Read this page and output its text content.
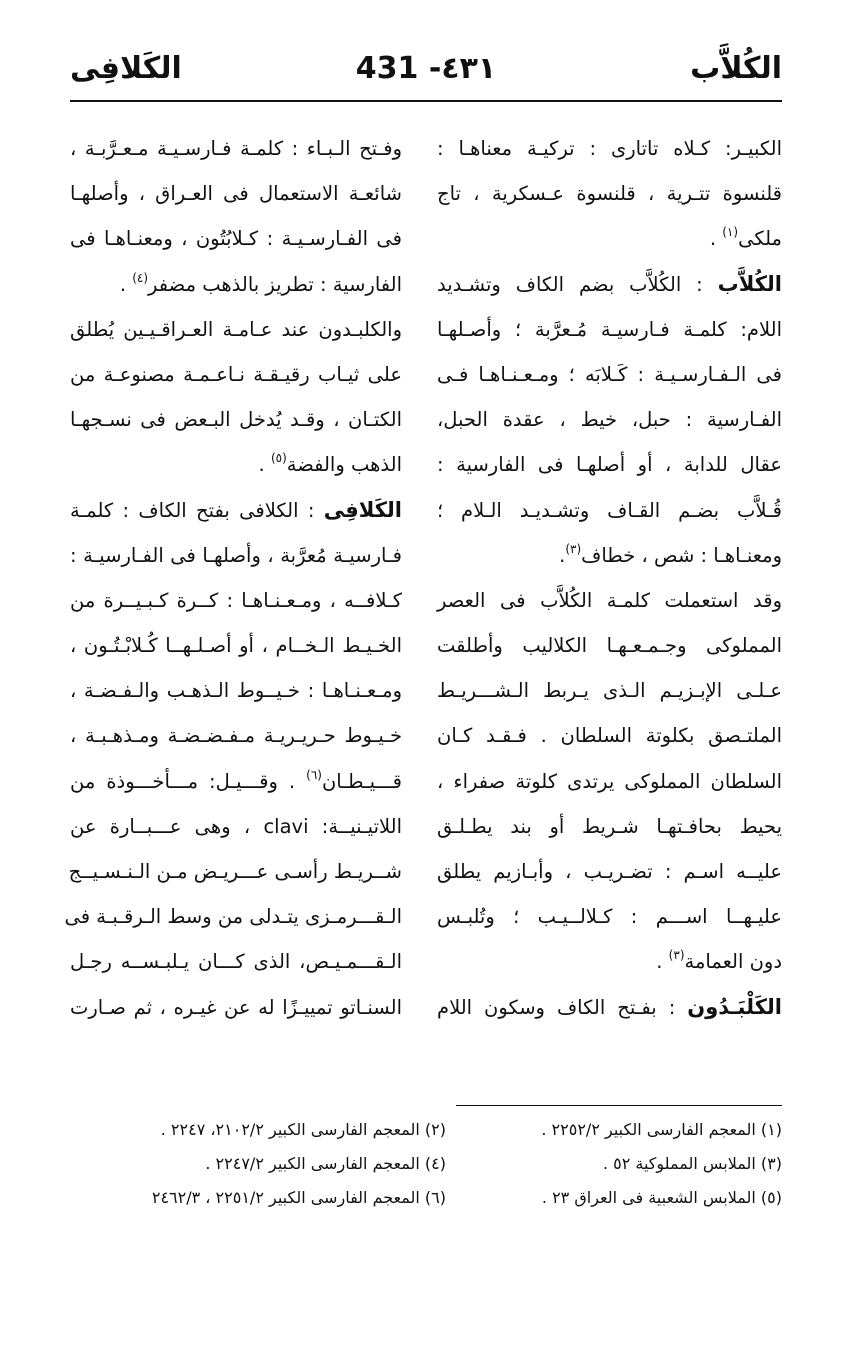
الكُلاَّب
431 -٤٣١
الكَلافِى
الكبيـر: كـلاه تاتارى : تركيـة معناهـا :
قلنسوة تتـرية ، قلنسوة عـسكرية ، تاج
ملكى$^{(١)}$ .
الكُلاَّب : الكُلاَّب بضم الكاف وتشـديد
اللام: كلمـة فـارسيـة مُـعرَّبة ؛ وأصـلهـا
فى الـفـارسـيـة : كَـلابَه ؛ ومـعـنـاهـا فـى
الفـارسية : حبل، خيط ، عقدة الحبل،
عقال للدابة ، أو أصلهـا فى الفارسية :
قُـلاَّب بضـم القـاف وتشـديـد الـلام ؛
ومعنـاهـا : شص ، خطاف$^{(٣)}$.
وقد استعملت كلمـة الكُلاَّب فى العصر
المملوكى وجـمـعـهـا الكلاليب وأطلقت
عـلـى الإبـزيـم الـذى يـربط الـشـــريـط
الملتـصق بكلوتة السلطان . فـقـد كـان
السلطان المملوكى يرتدى كلوتة صفراء ،
يحيط بحافـتهـا شـريط أو بند يطـلـق
عليــه اسـم : تضـريـب ، وأبـازيم يطلق
عليـهــا اســـم : كـلالــيـب ؛ وتُلبـس
دون العمامة$^{(٣)}$ .
الكَلْبَـدُون : بفـتح الكاف وسكون اللام
وفـتح الـبـاء : كلمـة فـارسـيـة مـعـرَّبـة ،
شائعـة الاستعمال فى العـراق ، وأصلهـا
فى الفـارسـيـة : كـلابُتُون ، ومعنـاهـا فى
الفارسية : تطريز بالذهب مضفر$^{(٤)}$ .
والكلبـدون عند عـامـة العـراقـيـين يُطلق
على ثيـاب رقيـقـة نـاعـمـة مصنوعـة من
الكتـان ، وقـد يُدخل البـعض فى نسـجهـا
الذهب والفضة$^{(٥)}$ .
الكَلافِى : الكلافى بفتح الكاف : كلمـة
فـارسيـة مُعرَّبة ، وأصلهـا فى الفـارسيـة :
كـلافــه ، ومـعـنـاهـا : كــرة كـبـيــرة من
الخـيـط الـخــام ، أو أصـلـهــا كُـلابْـتُـون ،
ومـعـنـاهـا : خـيــوط الـذهـب والـفـضـة ،
خـيـوط حـريـريـة مـفـضـضـة ومـذهـبـة ،
قـــيـطـان$^{(٦)}$ . وقـــيـل: مـــأخـــوذة من
اللاتيـنيــة: clavi ، وهى عـــبــارة عن
شــريـط رأسـى عـــريـض مـن الـنـسـيــج
الـقـــرمـزى يتـدلى من وسط الـرقـبـة فى
الـقـــمـيـص، الذى كـــان يـلبـســه رجـل
السنـاتو تمييـزًا له عن غيـره ، ثم صـارت
(١) المعجم الفارسى الكبير ٢٢٥٢/٢ .
(٢) المعجم الفارسى الكبير ٢١٠٢/٢، ٢٢٤٧ .
(٣) الملابس المملوكية ٥٢ .
(٤) المعجم الفارسى الكبير ٢٢٤٧/٢ .
(٥) الملابس الشعبية فى العراق ٢٣ .
(٦) المعجم الفارسى الكبير ٢٢٥١/٢ ، ٢٤٦٢/٣
